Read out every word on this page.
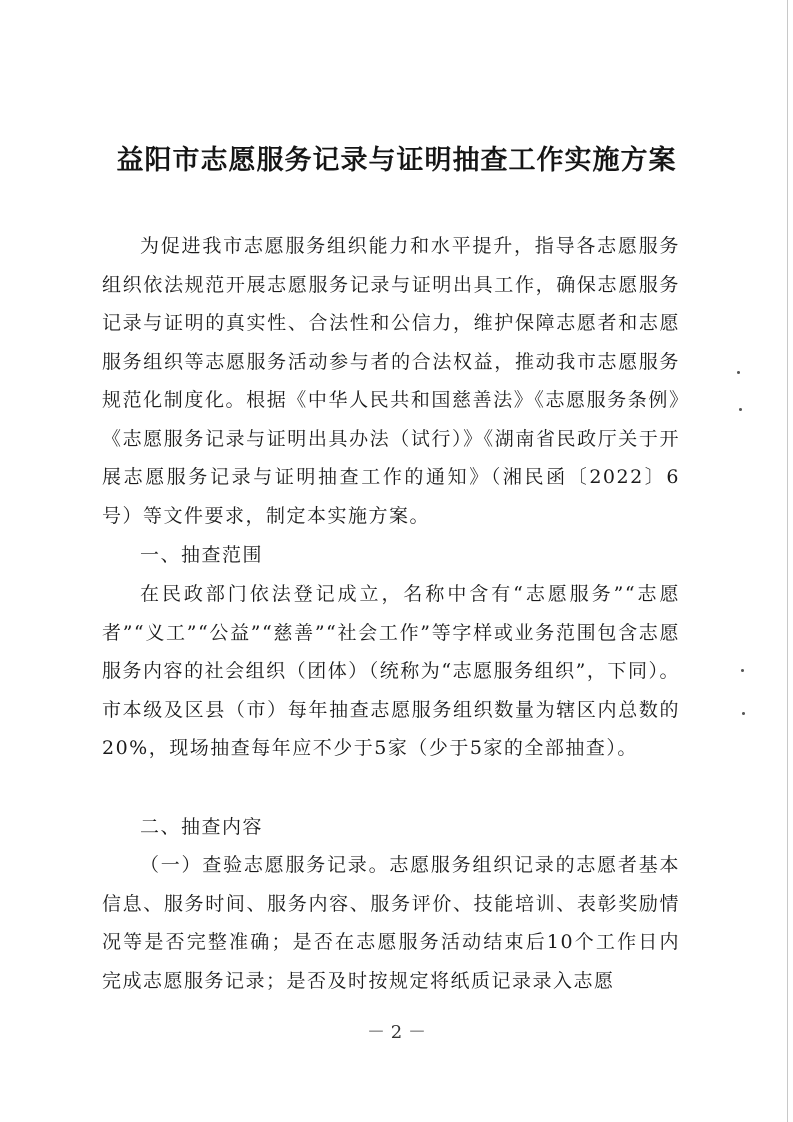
益阳市志愿服务记录与证明抽查工作实施方案

为促进我市志愿服务组织能力和水平提升，指导各志愿服务组织依法规范开展志愿服务记录与证明出具工作，确保志愿服务记录与证明的真实性、合法性和公信力，维护保障志愿者和志愿服务组织等志愿服务活动参与者的合法权益，推动我市志愿服务规范化制度化。根据《中华人民共和国慈善法》《志愿服务条例》《志愿服务记录与证明出具办法（试行）》《湖南省民政厅关于开展志愿服务记录与证明抽查工作的通知》（湘民函〔2022〕6号）等文件要求，制定本实施方案。

一、抽查范围

在民政部门依法登记成立，名称中含有“志愿服务”“志愿者”“义工”“公益”“慈善”“社会工作”等字样或业务范围包含志愿服务内容的社会组织（团体）（统称为“志愿服务组织”，下同）。市本级及区县（市）每年抽查志愿服务组织数量为辖区内总数的20%，现场抽查每年应不少于5家（少于5家的全部抽查）。

二、抽查内容

（一）查验志愿服务记录。志愿服务组织记录的志愿者基本信息、服务时间、服务内容、服务评价、技能培训、表彰奖励情况等是否完整准确；是否在志愿服务活动结束后10个工作日内完成志愿服务记录；是否及时按规定将纸质记录录入志愿

－ 2 －
